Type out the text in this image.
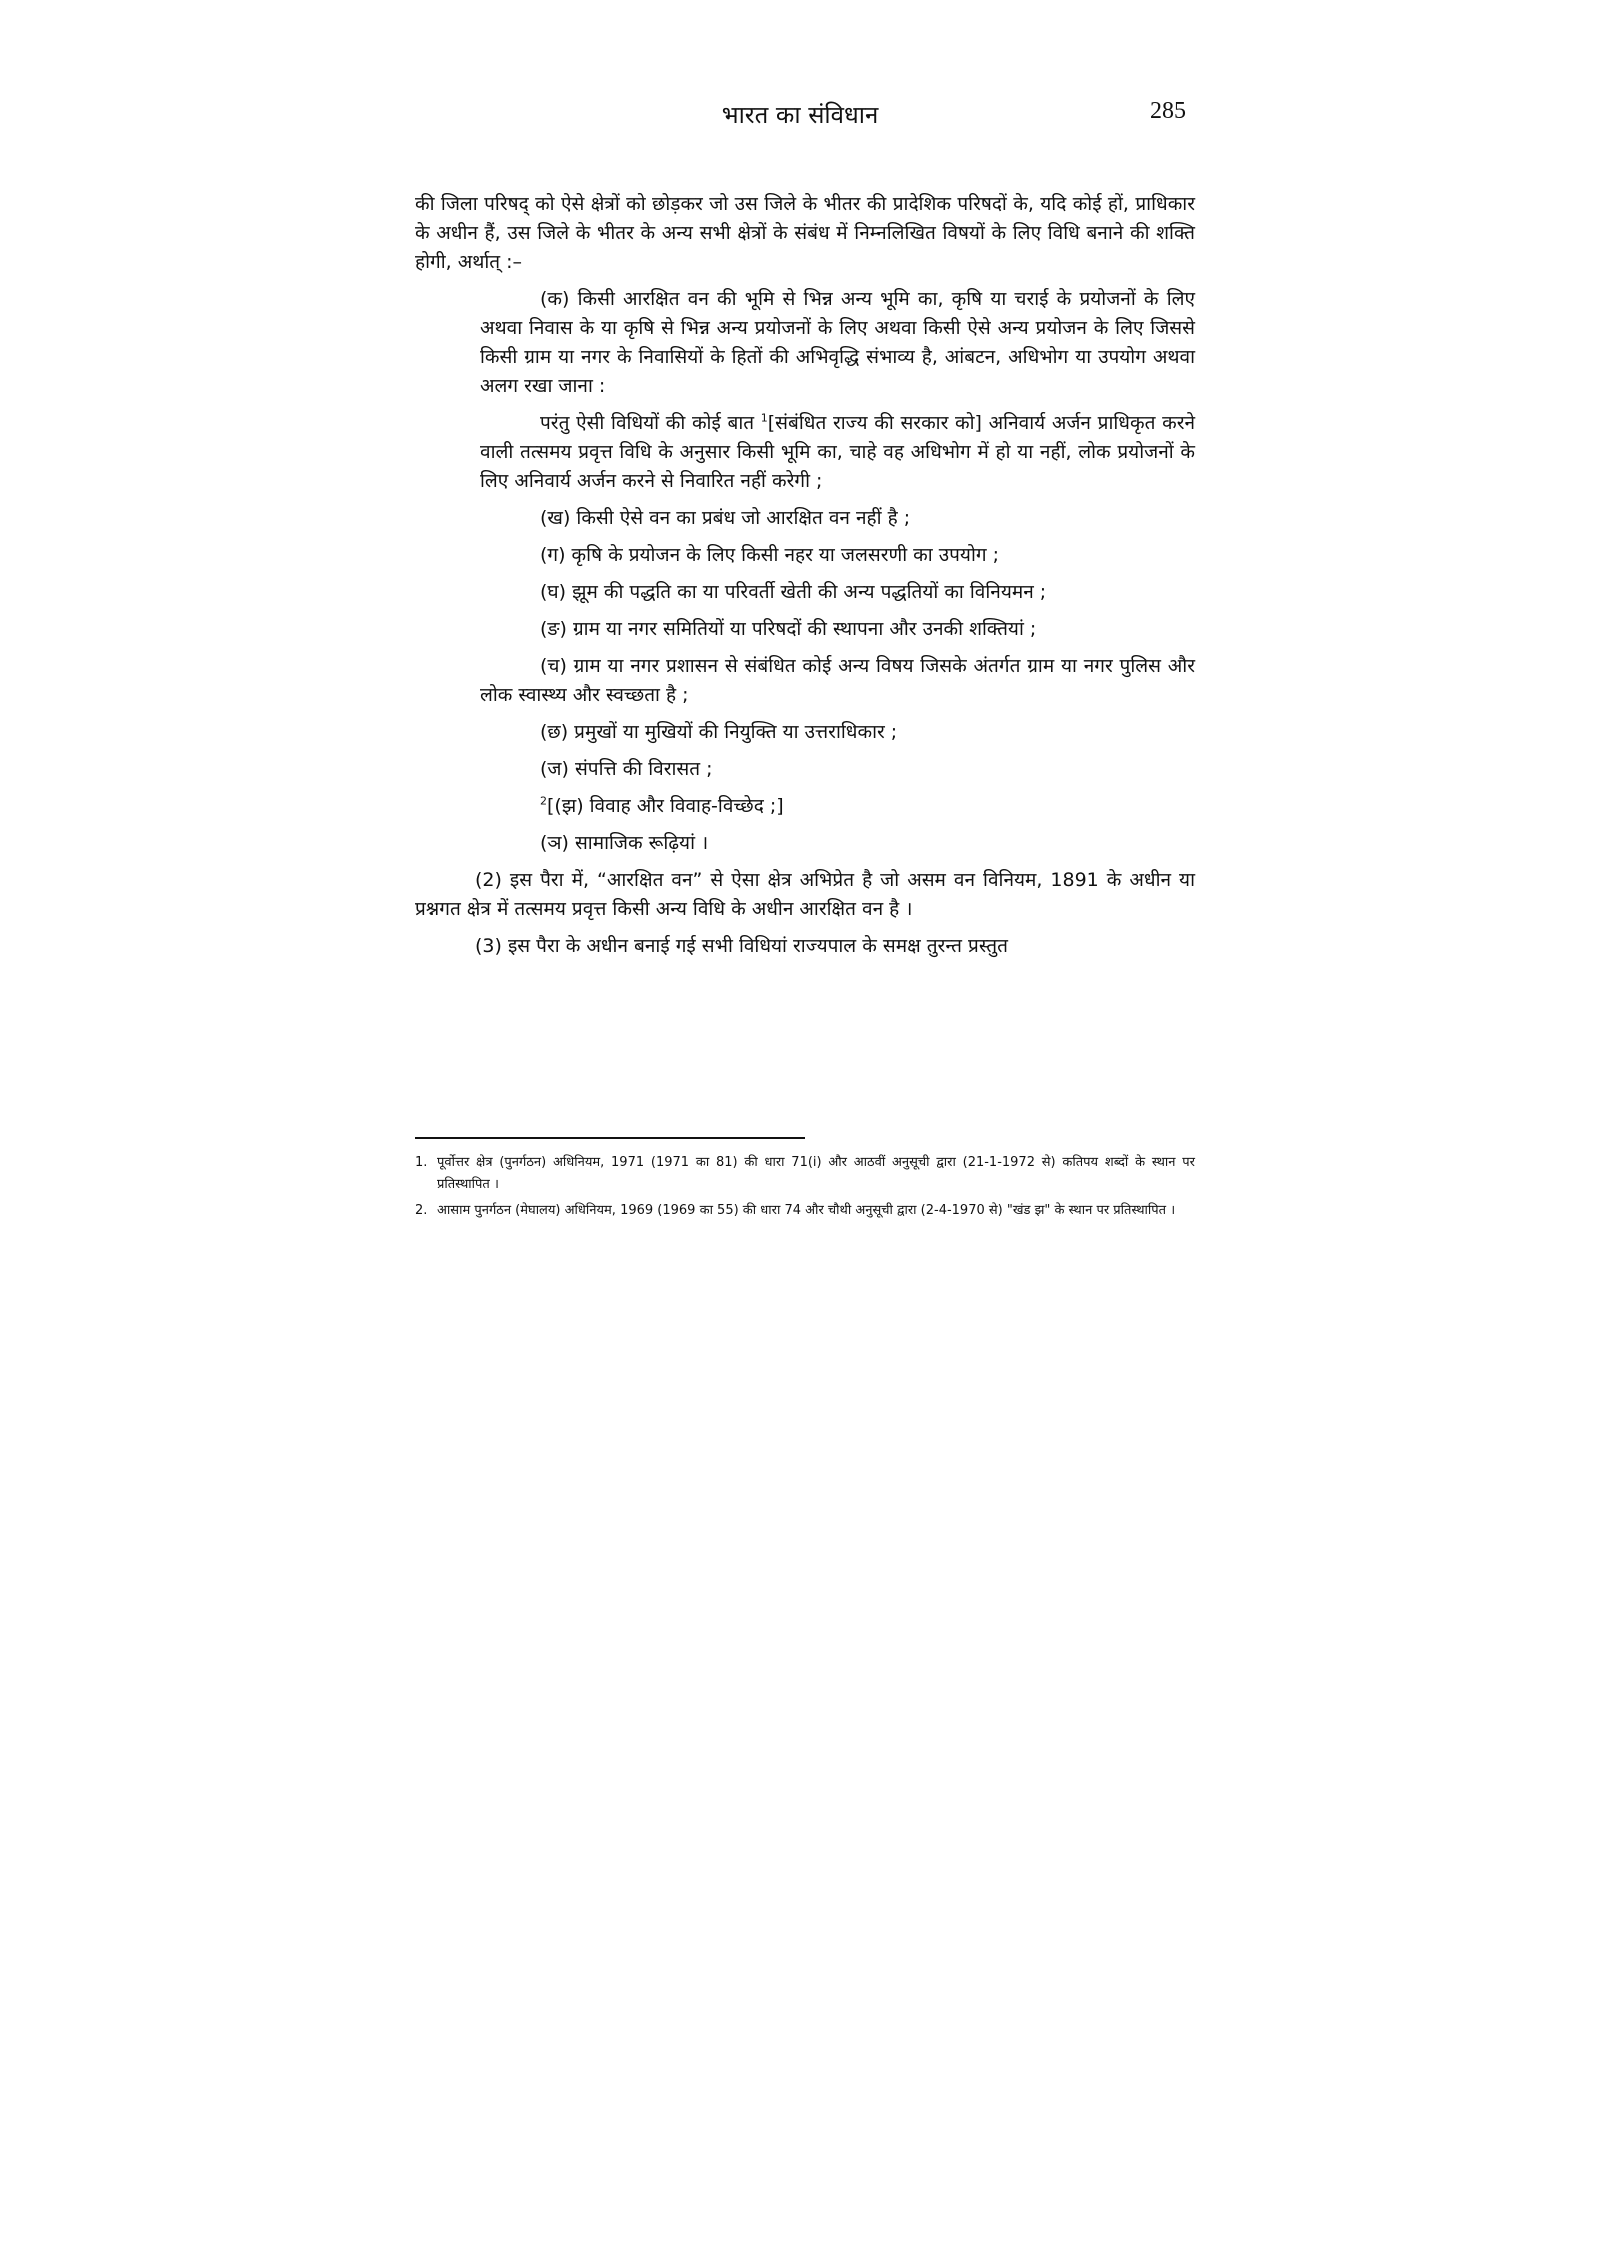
भारत का संविधान	285

की जिला परिषद् को ऐसे क्षेत्रों को छोड़कर जो उस जिले के भीतर की प्रादेशिक परिषदों के, यदि कोई हों, प्राधिकार के अधीन हैं, उस जिले के भीतर के अन्य सभी क्षेत्रों के संबंध में निम्नलिखित विषयों के लिए विधि बनाने की शक्ति होगी, अर्थात् :–

(क) किसी आरक्षित वन की भूमि से भिन्न अन्य भूमि का, कृषि या चराई के प्रयोजनों के लिए अथवा निवास के या कृषि से भिन्न अन्य प्रयोजनों के लिए अथवा किसी ऐसे अन्य प्रयोजन के लिए जिससे किसी ग्राम या नगर के निवासियों के हितों की अभिवृद्धि संभाव्य है, आंबटन, अधिभोग या उपयोग अथवा अलग रखा जाना :

परंतु ऐसी विधियों की कोई बात $^1$[संबंधित राज्य की सरकार को] अनिवार्य अर्जन प्राधिकृत करने वाली तत्समय प्रवृत्त विधि के अनुसार किसी भूमि का, चाहे वह अधिभोग में हो या नहीं, लोक प्रयोजनों के लिए अनिवार्य अर्जन करने से निवारित नहीं करेगी ;

(ख) किसी ऐसे वन का प्रबंध जो आरक्षित वन नहीं है ;

(ग) कृषि के प्रयोजन के लिए किसी नहर या जलसरणी का उपयोग ;

(घ) झूम की पद्धति का या परिवर्ती खेती की अन्य पद्धतियों का विनियमन ;

(ङ) ग्राम या नगर समितियों या परिषदों की स्थापना और उनकी शक्तियां ;

(च) ग्राम या नगर प्रशासन से संबंधित कोई अन्य विषय जिसके अंतर्गत ग्राम या नगर पुलिस और लोक स्वास्थ्य और स्वच्छता है ;

(छ) प्रमुखों या मुखियों की नियुक्ति या उत्तराधिकार ;

(ज) संपत्ति की विरासत ;

$^2$[(झ) विवाह और विवाह-विच्छेद ;]

(ञ) सामाजिक रूढ़ियां ।

(2) इस पैरा में, “आरक्षित वन” से ऐसा क्षेत्र अभिप्रेत है जो असम वन विनियम, 1891 के अधीन या प्रश्नगत क्षेत्र में तत्समय प्रवृत्त किसी अन्य विधि के अधीन आरक्षित वन है ।

(3) इस पैरा के अधीन बनाई गई सभी विधियां राज्यपाल के समक्ष तुरन्त प्रस्तुत

1. पूर्वोत्तर क्षेत्र (पुनर्गठन) अधिनियम, 1971 (1971 का 81) की धारा 71(i) और आठवीं अनुसूची द्वारा (21-1-1972 से) कतिपय शब्दों के स्थान पर प्रतिस्थापित ।
2. आसाम पुनर्गठन (मेघालय) अधिनियम, 1969 (1969 का 55) की धारा 74 और चौथी अनुसूची द्वारा (2-4-1970 से) "खंड झ" के स्थान पर प्रतिस्थापित ।
